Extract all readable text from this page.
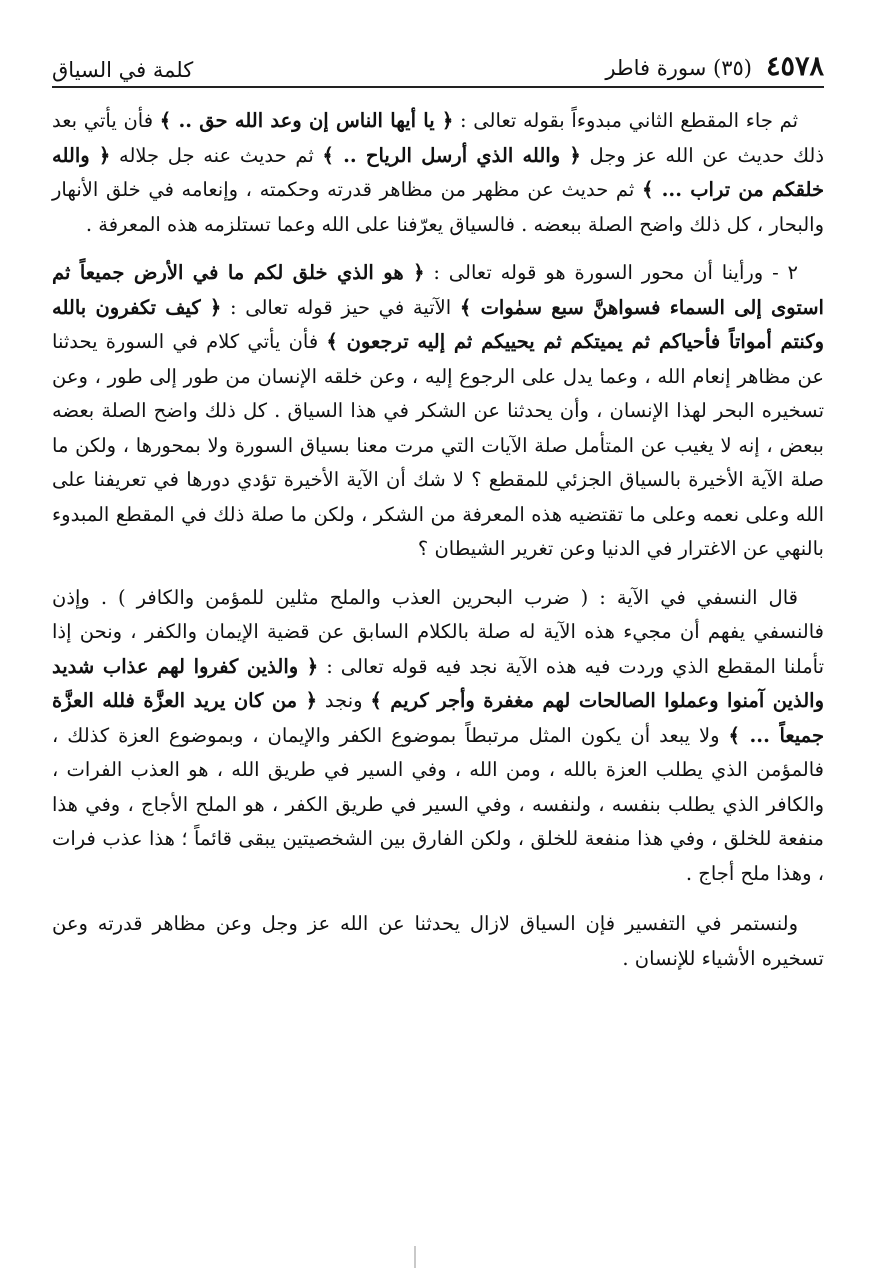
٤٥٧٨
(٣٥) سورة فاطر
كلمة في السياق

ثم جاء المقطع الثاني مبدوءاً بقوله تعالى : ﴿ يا أيها الناس إن وعد الله حق .. ﴾ فأن يأتي بعد ذلك حديث عن الله عز وجل ﴿ والله الذي أرسل الرياح .. ﴾ ثم حديث عنه جل جلاله ﴿ والله خلقكم من تراب ... ﴾ ثم حديث عن مظهر من مظاهر قدرته وحكمته ، وإنعامه في خلق الأنهار والبحار ، كل ذلك واضح الصلة ببعضه . فالسياق يعرّفنا على الله وعما تستلزمه هذه المعرفة .

٢ - ورأينا أن محور السورة هو قوله تعالى : ﴿ هو الذي خلق لكم ما في الأرض جميعاً ثم استوى إلى السماء فسواهنَّ سبع سمٰوات ﴾ الآتية في حيز قوله تعالى : ﴿ كيف تكفرون بالله وكنتم أمواتاً فأحياكم ثم يميتكم ثم يحييكم ثم إليه ترجعون ﴾ فأن يأتي كلام في السورة يحدثنا عن مظاهر إنعام الله ، وعما يدل على الرجوع إليه ، وعن خلقه الإنسان من طور إلى طور ، وعن تسخيره البحر لهذا الإنسان ، وأن يحدثنا عن الشكر في هذا السياق . كل ذلك واضح الصلة بعضه ببعض ، إنه لا يغيب عن المتأمل صلة الآيات التي مرت معنا بسياق السورة ولا بمحورها ، ولكن ما صلة الآية الأخيرة بالسياق الجزئي للمقطع ؟ لا شك أن الآية الأخيرة تؤدي دورها في تعريفنا على الله وعلى نعمه وعلى ما تقتضيه هذه المعرفة من الشكر ، ولكن ما صلة ذلك في المقطع المبدوء بالنهي عن الاغترار في الدنيا وعن تغرير الشيطان ؟

قال النسفي في الآية : ( ضرب البحرين العذب والملح مثلين للمؤمن والكافر ) . وإذن فالنسفي يفهم أن مجيء هذه الآية له صلة بالكلام السابق عن قضية الإيمان والكفر ، ونحن إذا تأملنا المقطع الذي وردت فيه هذه الآية نجد فيه قوله تعالى : ﴿ والذين كفروا لهم عذاب شديد والذين آمنوا وعملوا الصالحات لهم مغفرة وأجر كريم ﴾ ونجد ﴿ من كان يريد العزَّة فلله العزَّة جميعاً ... ﴾ ولا يبعد أن يكون المثل مرتبطاً بموضوع الكفر والإيمان ، وبموضوع العزة كذلك ، فالمؤمن الذي يطلب العزة بالله ، ومن الله ، وفي السير في طريق الله ، هو العذب الفرات ، والكافر الذي يطلب بنفسه ، ولنفسه ، وفي السير في طريق الكفر ، هو الملح الأجاج ، وفي هذا منفعة للخلق ، وفي هذا منفعة للخلق ، ولكن الفارق بين الشخصيتين يبقى قائماً ؛ هذا عذب فرات ، وهذا ملح أجاج .

ولنستمر في التفسير فإن السياق لازال يحدثنا عن الله عز وجل وعن مظاهر قدرته وعن تسخيره الأشياء للإنسان .
